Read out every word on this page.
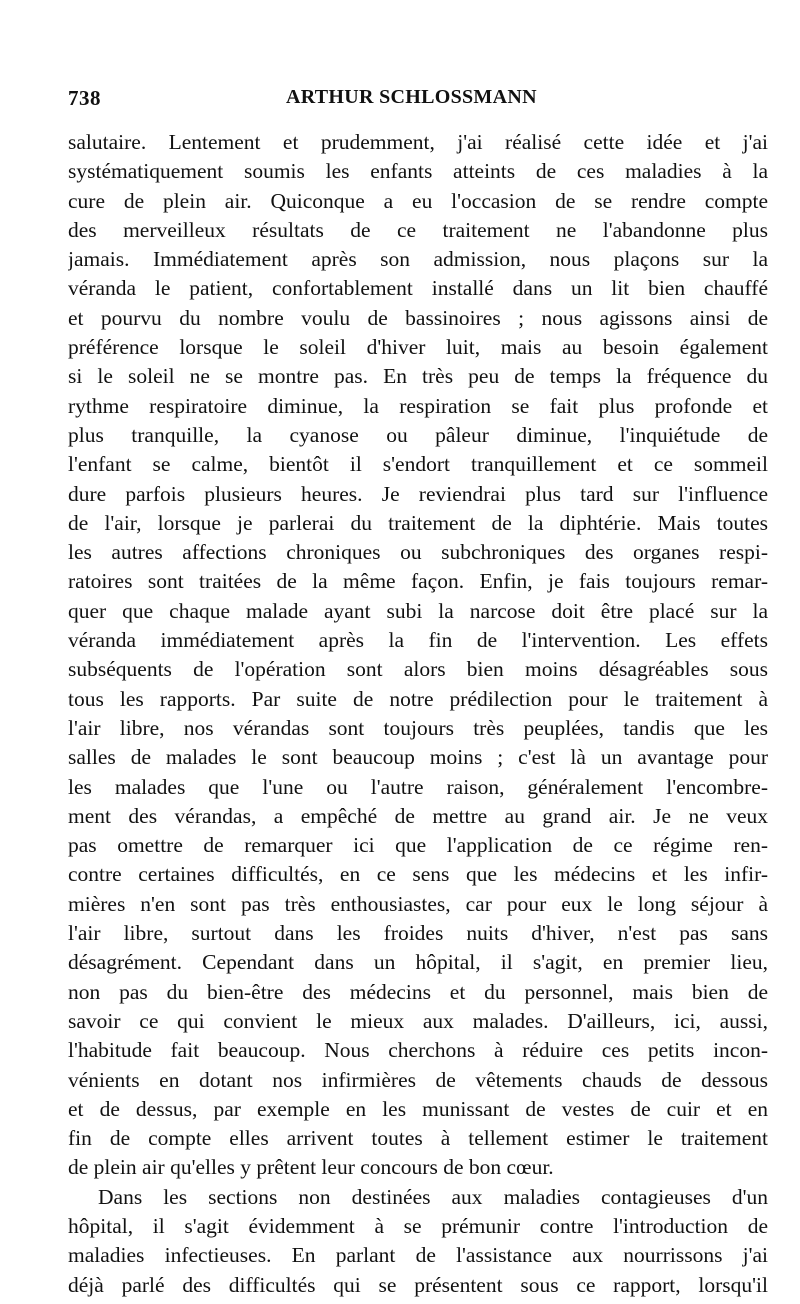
738	ARTHUR SCHLOSSMANN
salutaire. Lentement et prudemment, j'ai réalisé cette idée et j'ai
systématiquement soumis les enfants atteints de ces maladies à la
cure de plein air. Quiconque a eu l'occasion de se rendre compte
des merveilleux résultats de ce traitement ne l'abandonne plus
jamais. Immédiatement après son admission, nous plaçons sur la
véranda le patient, confortablement installé dans un lit bien chauffé
et pourvu du nombre voulu de bassinoires ; nous agissons ainsi de
préférence lorsque le soleil d'hiver luit, mais au besoin également
si le soleil ne se montre pas. En très peu de temps la fréquence du
rythme respiratoire diminue, la respiration se fait plus profonde et
plus tranquille, la cyanose ou pâleur diminue, l'inquiétude de
l'enfant se calme, bientôt il s'endort tranquillement et ce sommeil
dure parfois plusieurs heures. Je reviendrai plus tard sur l'influence
de l'air, lorsque je parlerai du traitement de la diphtérie. Mais toutes
les autres affections chroniques ou subchroniques des organes respi-
ratoires sont traitées de la même façon. Enfin, je fais toujours remar-
quer que chaque malade ayant subi la narcose doit être placé sur la
véranda immédiatement après la fin de l'intervention. Les effets
subséquents de l'opération sont alors bien moins désagréables sous
tous les rapports. Par suite de notre prédilection pour le traitement à
l'air libre, nos vérandas sont toujours très peuplées, tandis que les
salles de malades le sont beaucoup moins ; c'est là un avantage pour
les malades que l'une ou l'autre raison, généralement l'encombre-
ment des vérandas, a empêché de mettre au grand air. Je ne veux
pas omettre de remarquer ici que l'application de ce régime ren-
contre certaines difficultés, en ce sens que les médecins et les infir-
mières n'en sont pas très enthousiastes, car pour eux le long séjour à
l'air libre, surtout dans les froides nuits d'hiver, n'est pas sans
désagrément. Cependant dans un hôpital, il s'agit, en premier lieu,
non pas du bien-être des médecins et du personnel, mais bien de
savoir ce qui convient le mieux aux malades. D'ailleurs, ici, aussi,
l'habitude fait beaucoup. Nous cherchons à réduire ces petits incon-
vénients en dotant nos infirmières de vêtements chauds de dessous
et de dessus, par exemple en les munissant de vestes de cuir et en
fin de compte elles arrivent toutes à tellement estimer le traitement
de plein air qu'elles y prêtent leur concours de bon cœur.
Dans les sections non destinées aux maladies contagieuses d'un
hôpital, il s'agit évidemment à se prémunir contre l'introduction de
maladies infectieuses. En parlant de l'assistance aux nourrissons j'ai
déjà parlé des difficultés qui se présentent sous ce rapport, lorsqu'il
